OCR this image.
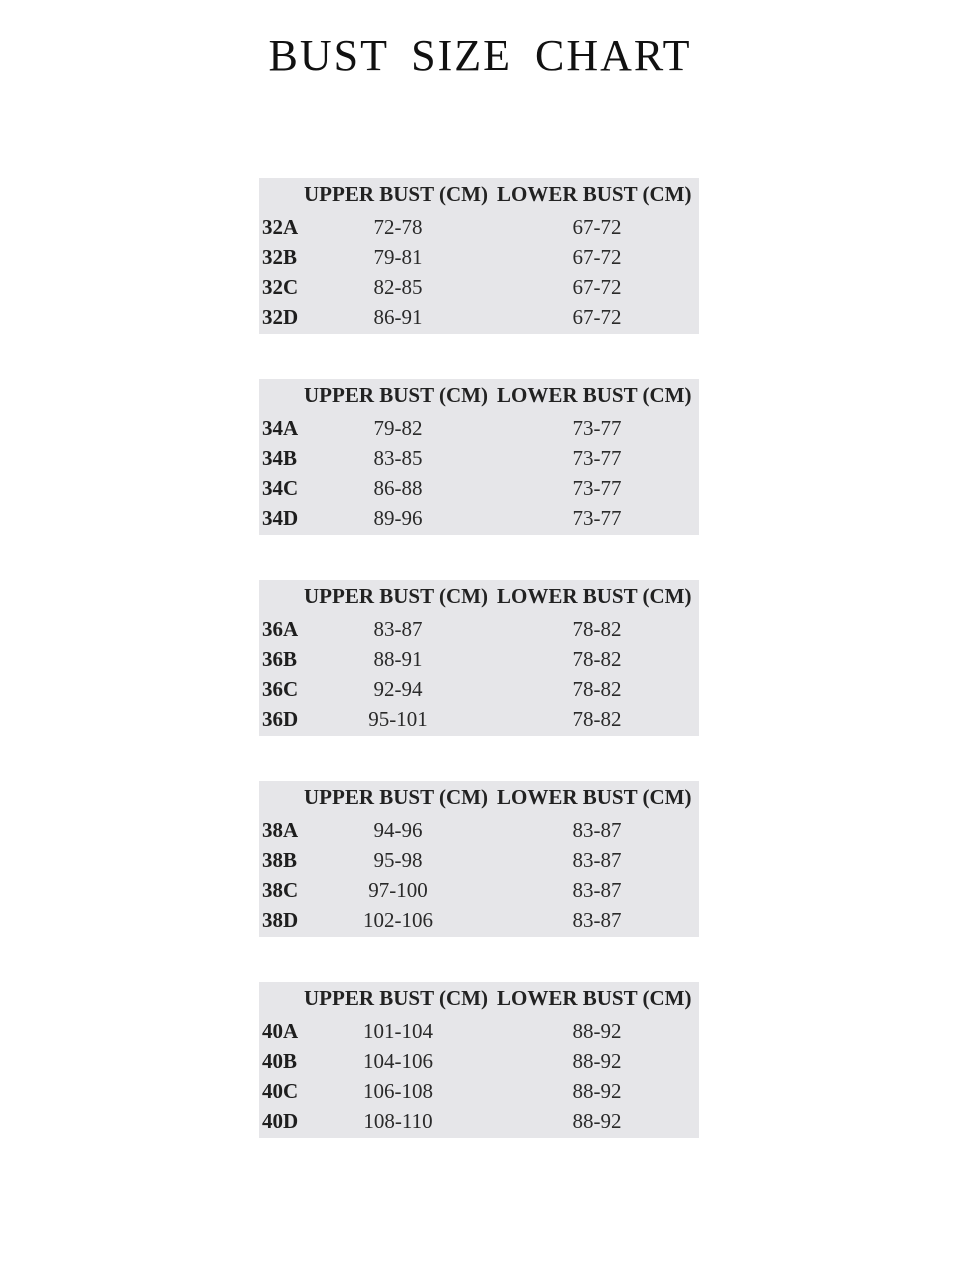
BUST SIZE CHART
UPPER BUST (CM) LOWER BUST (CM)
32A	72-78	67-72
32B	79-81	67-72
32C	82-85	67-72
32D	86-91	67-72
UPPER BUST (CM) LOWER BUST (CM)
34A	79-82	73-77
34B	83-85	73-77
34C	86-88	73-77
34D	89-96	73-77
UPPER BUST (CM) LOWER BUST (CM)
36A	83-87	78-82
36B	88-91	78-82
36C	92-94	78-82
36D	95-101	78-82
UPPER BUST (CM) LOWER BUST (CM)
38A	94-96	83-87
38B	95-98	83-87
38C	97-100	83-87
38D	102-106	83-87
UPPER BUST (CM) LOWER BUST (CM)
40A	101-104	88-92
40B	104-106	88-92
40C	106-108	88-92
40D	108-110	88-92
